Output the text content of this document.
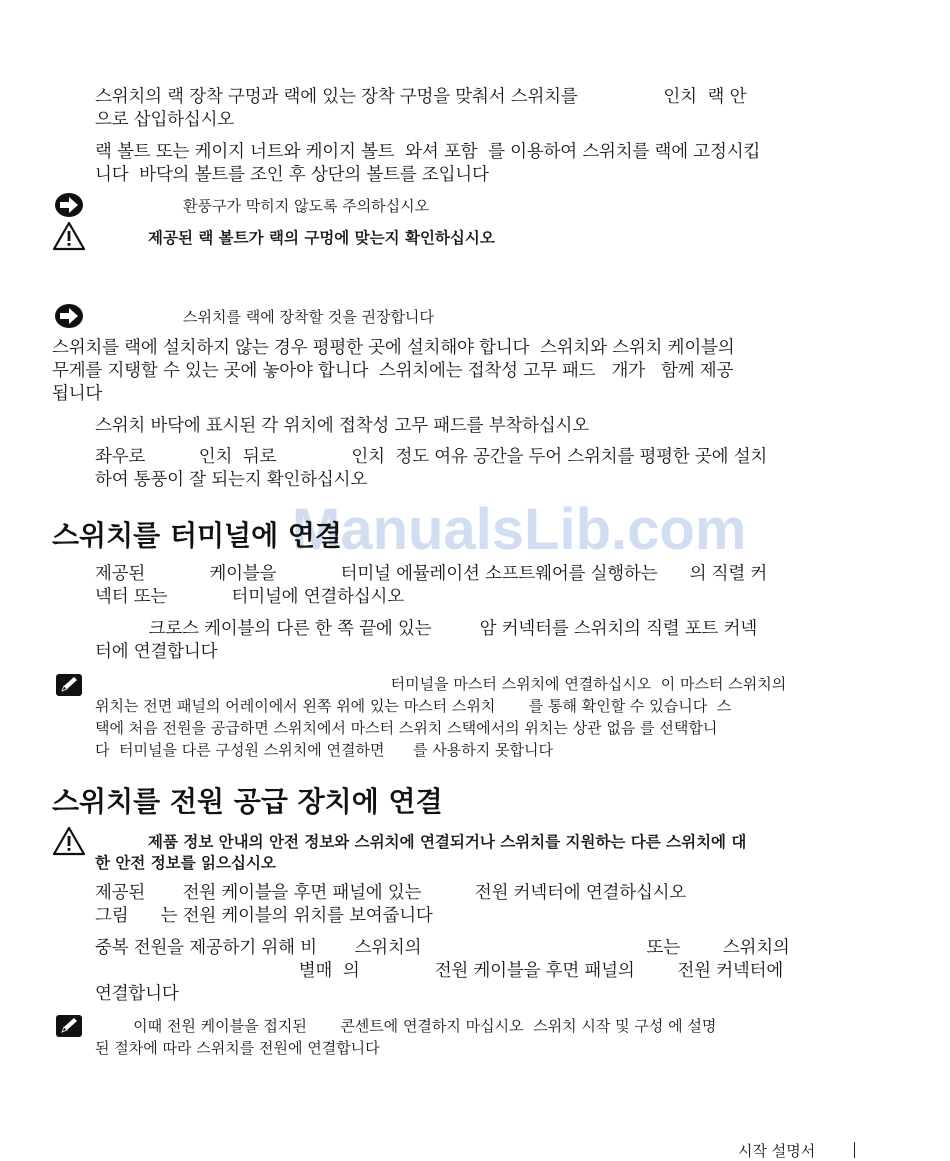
ManualsLib.com
스위치의 랙 장착 구멍과 랙에 있는 장착 구멍을 맞춰서 스위치를                인치  랙 안
으로 삽입하십시오
랙 볼트 또는 케이지 너트와 케이지 볼트  와셔 포함  를 이용하여 스위치를 랙에 고정시킵
니다  바닥의 볼트를 조인 후 상단의 볼트를 조입니다
환풍구가 막히지 않도록 주의하십시오
제공된 랙 볼트가 랙의 구멍에 맞는지 확인하십시오
스위치를 랙에 장착할 것을 권장합니다
스위치를 랙에 설치하지 않는 경우 평평한 곳에 설치해야 합니다  스위치와 스위치 케이블의
무게를 지탱할 수 있는 곳에 놓아야 합니다  스위치에는 접착성 고무 패드   개가   함께 제공
됩니다
스위치 바닥에 표시된 각 위치에 접착성 고무 패드를 부착하십시오
좌우로          인치  뒤로              인치  정도 여유 공간을 두어 스위치를 평평한 곳에 설치
하여 통풍이 잘 되는지 확인하십시오
스위치를 터미널에 연결
제공된            케이블을            터미널 에뮬레이션 소프트웨어를 실행하는      의 직렬 커
넥터 또는            터미널에 연결하십시오
크로스 케이블의 다른 한 쪽 끝에 있는         암 커넥터를 스위치의 직렬 포트 커넥
터에 연결합니다
터미널을 마스터 스위치에 연결하십시오  이 마스터 스위치의
위치는 전면 패널의 어레이에서 왼쪽 위에 있는 마스터 스위치       를 통해 확인할 수 있습니다  스
택에 처음 전원을 공급하면 스위치에서 마스터 스위치 스택에서의 위치는 상관 없음 를 선택합니
다  터미널을 다른 구성원 스위치에 연결하면      를 사용하지 못합니다
스위치를 전원 공급 장치에 연결
제품 정보 안내의 안전 정보와 스위치에 연결되거나 스위치를 지원하는 다른 스위치에 대
한 안전 정보를 읽으십시오
제공된       전원 케이블을 후면 패널에 있는          전원 커넥터에 연결하십시오
그림      는 전원 케이블의 위치를 보여줍니다
중복 전원을 제공하기 위해 비       스위치의                                          또는        스위치의
별매  의              전원 케이블을 후면 패널의        전원 커넥터에
연결합니다
이때 전원 케이블을 접지된       콘센트에 연결하지 마십시오  스위치 시작 및 구성 에 설명
된 절차에 따라 스위치를 전원에 연결합니다
시작 설명서
